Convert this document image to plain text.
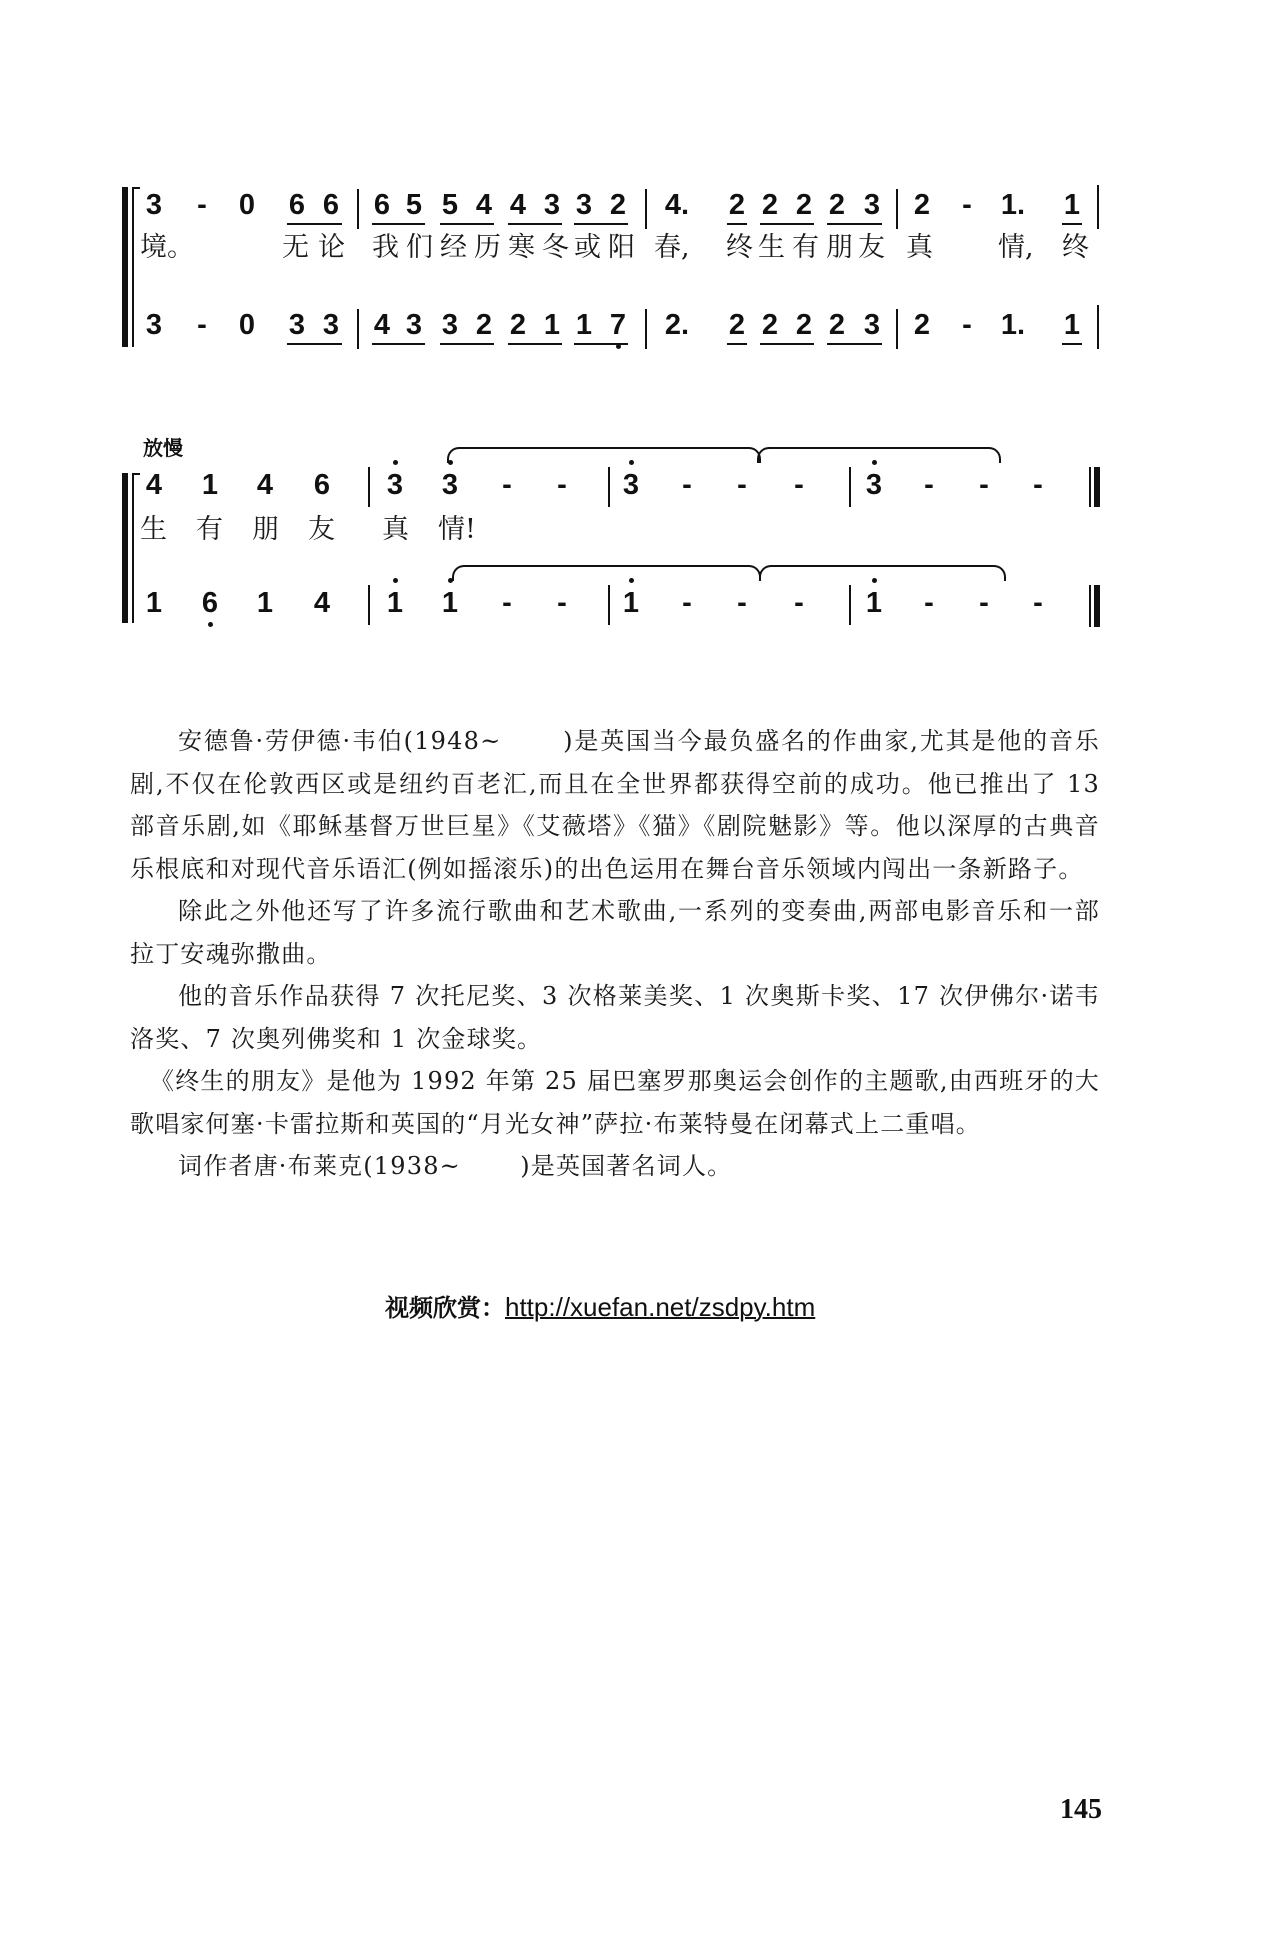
3 - 0 6 6 6 5 5 4 4 3 3 2 4. 2 2 2 2 3 2 - 1. 1
境。	无 论 我 们 经 历 寒 冬 或 阳 春, 终 生 有 朋 友 真 情, 终
3 - 0 3 3 4 3 3 2 2 1 1 7 2. 2 2 2 2 3 2 - 1. 1
放慢
4 1 4 6 3 3 - - 3 - - - 3 - - -
生 有 朋 友 真 情!
1 6 1 4 1 1 - - 1 - - - 1 - - -

安德鲁·劳伊德·韦伯(1948~　　 )是英国当今最负盛名的作曲家,尤其是他的音乐剧,不仅在伦敦西区或是纽约百老汇,而且在全世界都获得空前的成功。他已推出了 13 部音乐剧,如《耶稣基督万世巨星》《艾薇塔》《猫》《剧院魅影》等。他以深厚的古典音乐根底和对现代音乐语汇(例如摇滚乐)的出色运用在舞台音乐领域内闯出一条新路子。

除此之外他还写了许多流行歌曲和艺术歌曲,一系列的变奏曲,两部电影音乐和一部拉丁安魂弥撒曲。

他的音乐作品获得 7 次托尼奖、3 次格莱美奖、1 次奥斯卡奖、17 次伊佛尔·诺韦洛奖、7 次奥列佛奖和 1 次金球奖。

《终生的朋友》是他为 1992 年第 25 届巴塞罗那奥运会创作的主题歌,由西班牙的大歌唱家何塞·卡雷拉斯和英国的“月光女神”萨拉·布莱特曼在闭幕式上二重唱。

词作者唐·布莱克(1938~　　 )是英国著名词人。

视频欣赏：http://xuefan.net/zsdpy.htm
145
